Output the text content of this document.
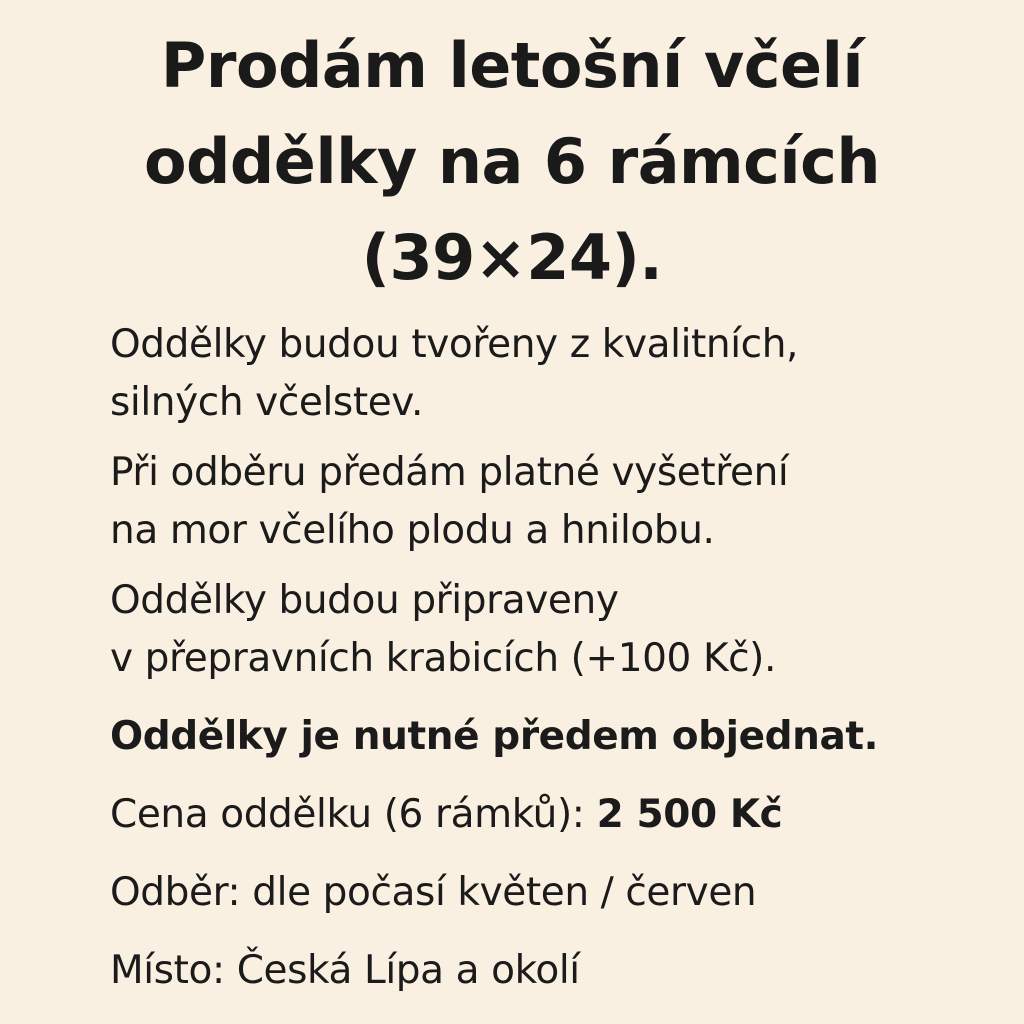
Prodám letošní včelí
oddělky na 6 rámcích
(39×24).

Oddělky budou tvořeny z kvalitních,
silných včelstev.

Při odběru předám platné vyšetření
na mor včelího plodu a hnilobu.

Oddělky budou připraveny
v přepravních krabicích (+100 Kč).

Oddělky je nutné předem objednat.

Cena oddělku (6 rámků): 2 500 Kč

Odběr: dle počasí květen / červen

Místo: Česká Lípa a okolí
